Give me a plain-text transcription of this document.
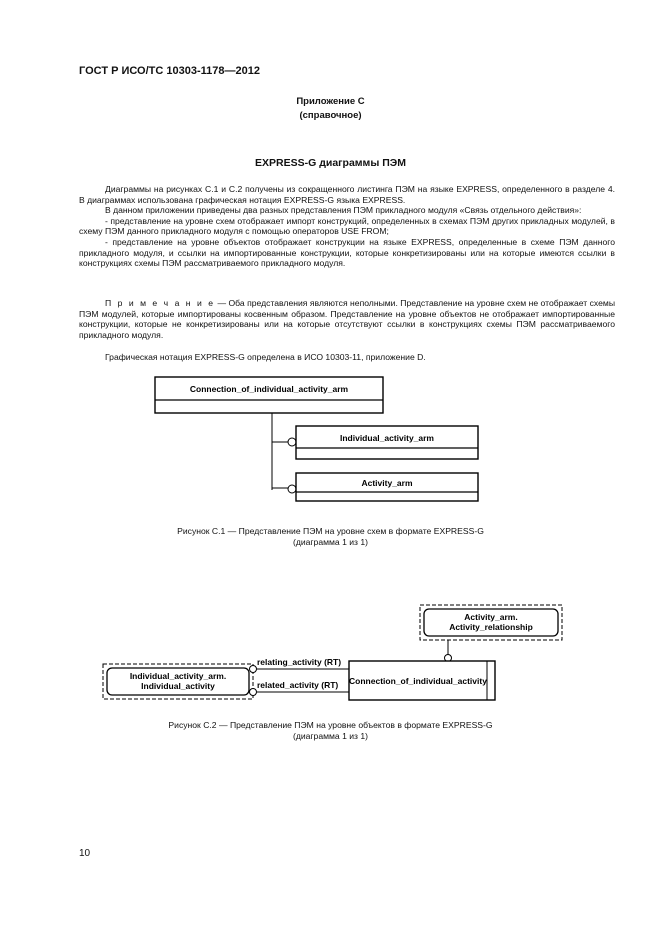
ГОСТ Р ИСО/ТС 10303-1178—2012
Приложение С
(справочное)
EXPRESS-G диаграммы ПЭМ

Диаграммы на рисунках С.1 и С.2 получены из сокращенного листинга ПЭМ на языке EXPRESS, определенного в разделе 4. В диаграммах использована графическая нотация EXPRESS-G языка EXPRESS.

В данном приложении приведены два разных представления ПЭМ прикладного модуля «Связь отдельного действия»:

- представление на уровне схем отображает импорт конструкций, определенных в схемах ПЭМ других прикладных модулей, в схему ПЭМ данного прикладного модуля с помощью операторов USE FROM;

- представление на уровне объектов отображает конструкции на языке EXPRESS, определенные в схеме ПЭМ данного прикладного модуля, и ссылки на импортированные конструкции, которые конкретизированы или на которые имеются ссылки в конструкциях схемы ПЭМ рассматриваемого прикладного модуля.

П р и м е ч а н и е — Оба представления являются неполными. Представление на уровне схем не отображает схемы ПЭМ модулей, которые импортированы косвенным образом. Представление на уровне объектов не отображает импортированные конструкции, которые не конкретизированы или на которые отсутствуют ссылки в конструкциях схемы ПЭМ рассматриваемого прикладного модуля.

Графическая нотация EXPRESS-G определена в ИСО 10303-11, приложение D.

Connection_of_individual_activity_arm
Individual_activity_arm
Activity_arm
Рисунок С.1 — Представление ПЭМ на уровне схем в формате EXPRESS-G
(диаграмма 1 из 1)
Activity_arm.
Activity_relationship
Individual_activity_arm.
Individual_activity
relating_activity (RT)
related_activity (RT) Connection_of_individual_activity
Рисунок С.2 — Представление ПЭМ на уровне объектов в формате EXPRESS-G
(диаграмма 1 из 1)
10
